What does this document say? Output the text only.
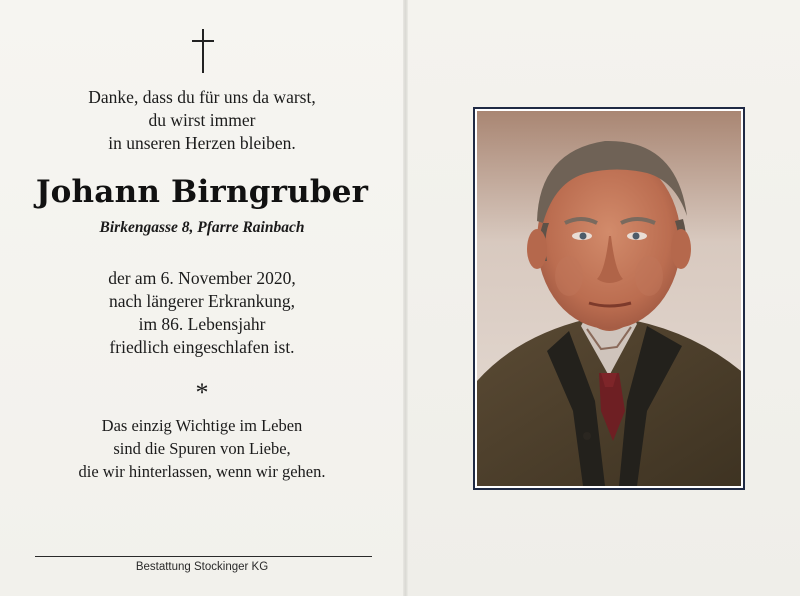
Danke, dass du für uns da warst,
du wirst immer
in unseren Herzen bleiben.
Johann Birngruber
Birkengasse 8, Pfarre Rainbach
der am 6. November 2020,
nach längerer Erkrankung,
im 86. Lebensjahr
friedlich eingeschlafen ist.
*
Das einzig Wichtige im Leben
sind die Spuren von Liebe,
die wir hinterlassen, wenn wir gehen.
Bestattung Stockinger KG
